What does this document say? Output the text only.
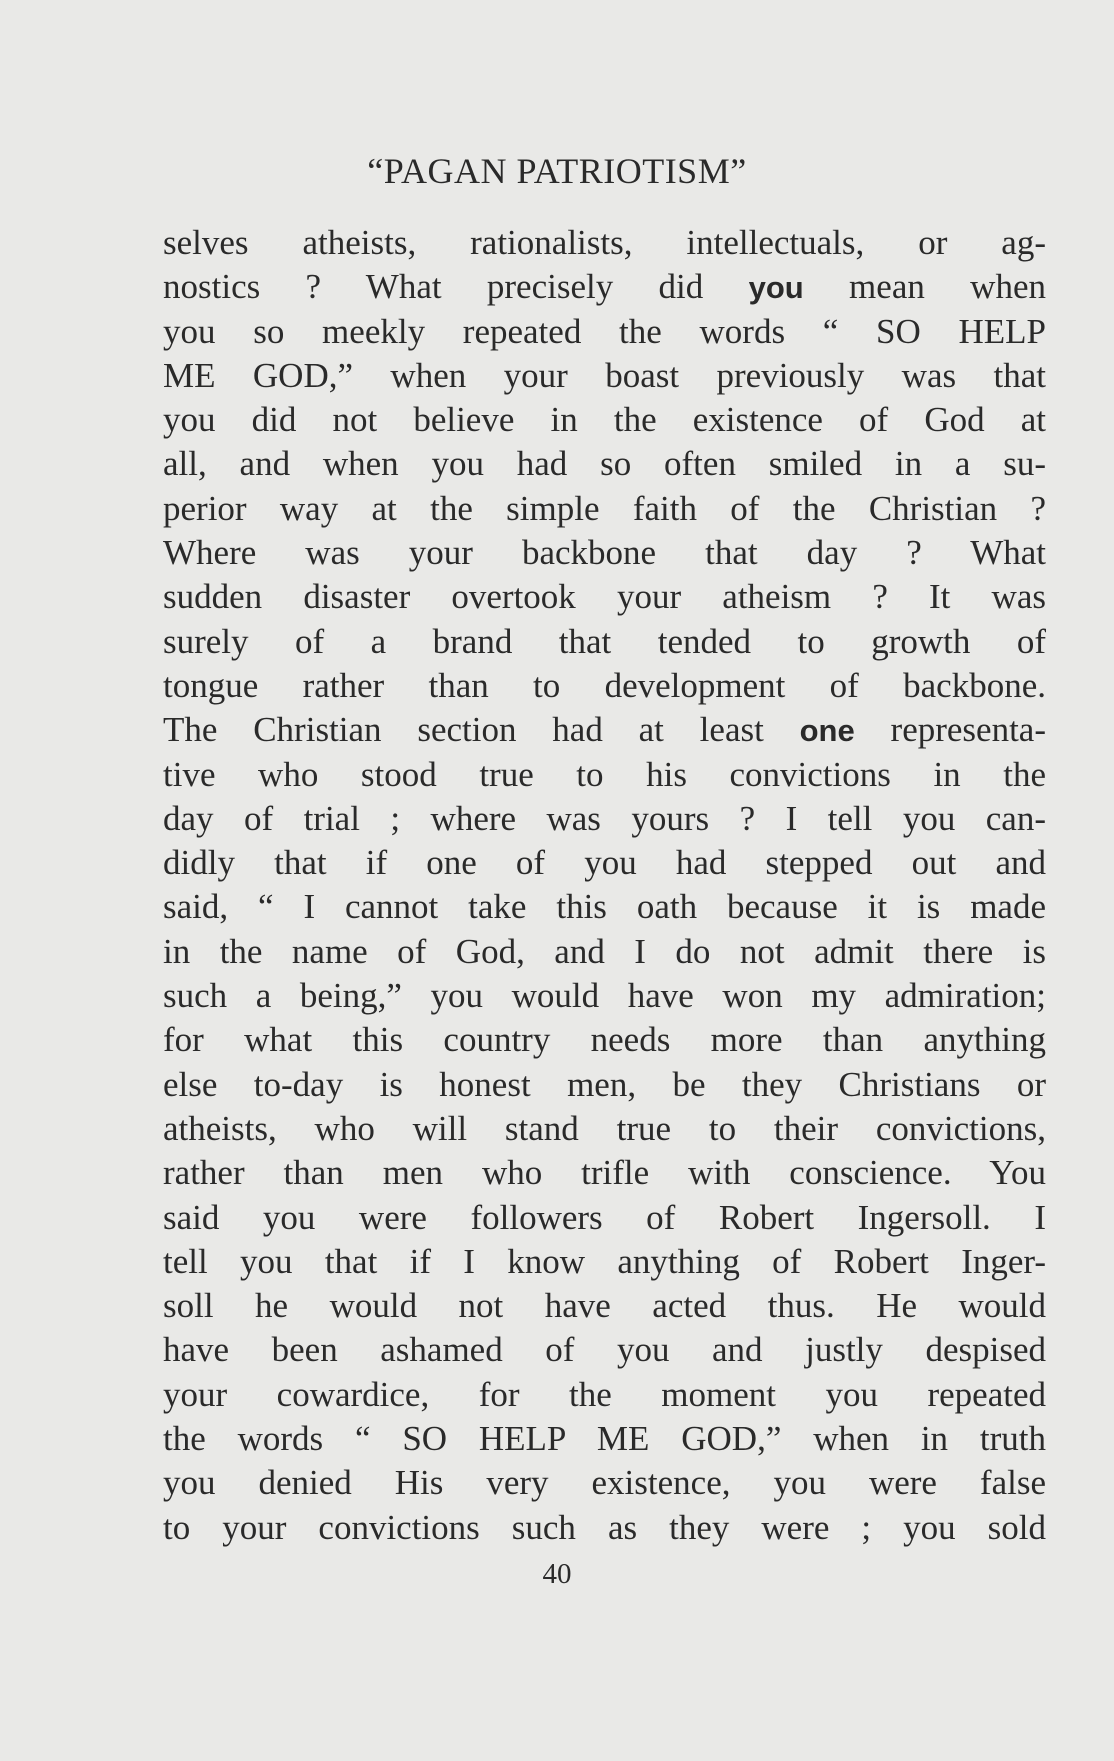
“PAGAN PATRIOTISM”
selves atheists, rationalists, intellectuals, or ag-
nostics ? What precisely did you mean when
you so meekly repeated the words “ SO HELP
ME GOD,” when your boast previously was that
you did not believe in the existence of God at
all, and when you had so often smiled in a su-
perior way at the simple faith of the Christian ?
Where was your backbone that day ? What
sudden disaster overtook your atheism ? It was
surely of a brand that tended to growth of
tongue rather than to development of backbone.
The Christian section had at least one representa-
tive who stood true to his convictions in the
day of trial ; where was yours ? I tell you can-
didly that if one of you had stepped out and
said, “ I cannot take this oath because it is made
in the name of God, and I do not admit there is
such a being,” you would have won my admiration;
for what this country needs more than anything
else to-day is honest men, be they Christians or
atheists, who will stand true to their convictions,
rather than men who trifle with conscience. You
said you were followers of Robert Ingersoll. I
tell you that if I know anything of Robert Inger-
soll he would not have acted thus. He would
have been ashamed of you and justly despised
your cowardice, for the moment you repeated
the words “ SO HELP ME GOD,” when in truth
you denied His very existence, you were false
to your convictions such as they were ; you sold
40
